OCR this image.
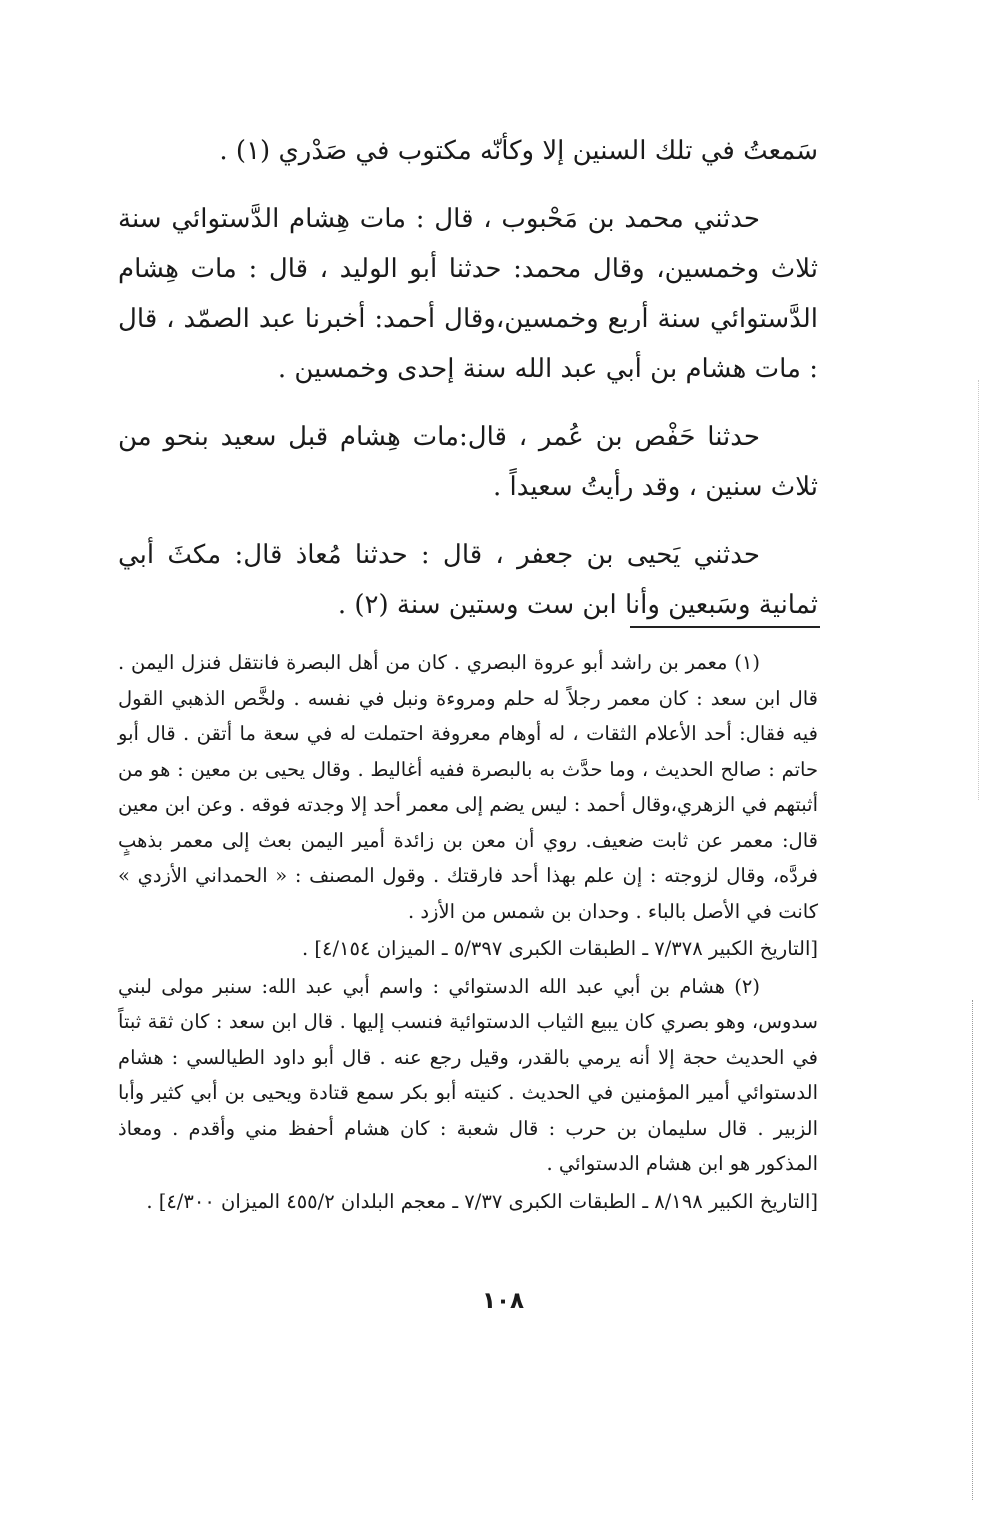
سَمعتُ في تلك السنين إلا وكأنّه مكتوب في صَدْري (١) .

حدثني محمد بن مَحْبوب ، قال : مات هِشام الدَّستوائي سنة ثلاث وخمسين، وقال محمد: حدثنا أبو الوليد ، قال : مات هِشام الدَّستوائي سنة أربع وخمسين،وقال أحمد: أخبرنا عبد الصمّد ، قال : مات هشام بن أبي عبد الله سنة إحدى وخمسين .

حدثنا حَفْص بن عُمر ، قال:مات هِشام قبل سعيد بنحو من ثلاث سنين ، وقد رأيتُ سعيداً .

حدثني يَحيى بن جعفر ، قال : حدثنا مُعاذ قال: مكثَ أبي ثمانية وسَبعين وأنا ابن ست وستين سنة (٢) .

(١) معمر بن راشد أبو عروة البصري . كان من أهل البصرة فانتقل فنزل اليمن . قال ابن سعد : كان معمر رجلاً له حلم ومروءة ونبل في نفسه . ولخَّص الذهبي القول فيه فقال: أحد الأعلام الثقات ، له أوهام معروفة احتملت له في سعة ما أتقن . قال أبو حاتم : صالح الحديث ، وما حدَّث به بالبصرة ففيه أغاليط . وقال يحيى بن معين : هو من أثبتهم في الزهري،وقال أحمد : ليس يضم إلى معمر أحد إلا وجدته فوقه . وعن ابن معين قال: معمر عن ثابت ضعيف. روي أن معن بن زائدة أمير اليمن بعث إلى معمر بذهبٍ فردَّه، وقال لزوجته : إن علم بهذا أحد فارقتك . وقول المصنف : « الحمداني الأزدي » كانت في الأصل بالباء . وحدان بن شمس من الأزد .

[التاريخ الكبير ٧/٣٧٨ ـ الطبقات الكبرى ٥/٣٩٧ ـ الميزان ٤/١٥٤] .

(٢) هشام بن أبي عبد الله الدستوائي : واسم أبي عبد الله: سنبر مولى لبني سدوس، وهو بصري كان يبيع الثياب الدستوائية فنسب إليها . قال ابن سعد : كان ثقة ثبتاً في الحديث حجة إلا أنه يرمي بالقدر، وقيل رجع عنه . قال أبو داود الطيالسي : هشام الدستوائي أمير المؤمنين في الحديث . كنيته أبو بكر سمع قتادة ويحيى بن أبي كثير وأبا الزبير . قال سليمان بن حرب : قال شعبة : كان هشام أحفظ مني وأقدم . ومعاذ المذكور هو ابن هشام الدستوائي .

[التاريخ الكبير ٨/١٩٨ ـ الطبقات الكبرى ٧/٣٧ ـ معجم البلدان ٤٥٥/٢ الميزان ٤/٣٠٠] .

١٠٨
